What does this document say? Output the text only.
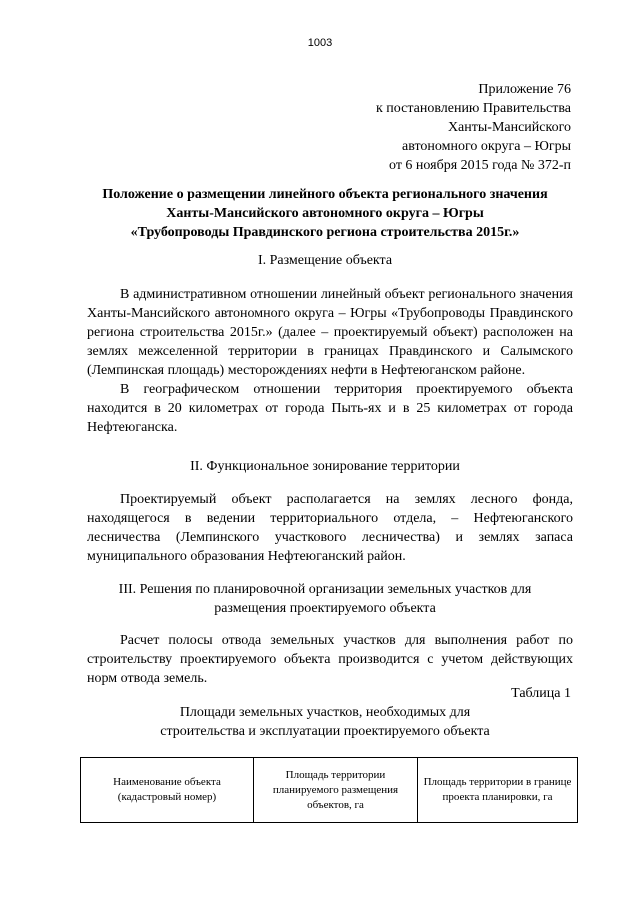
1003
Приложение 76
к постановлению Правительства
Ханты-Мансийского
автономного округа – Югры
от 6 ноября 2015 года № 372-п
Положение о размещении линейного объекта регионального значения
Ханты-Мансийского автономного округа – Югры
«Трубопроводы Правдинского региона строительства 2015г.»
I. Размещение объекта

В административном отношении линейный объект регионального значения Ханты-Мансийского автономного округа – Югры «Трубопроводы Правдинского региона строительства 2015г.» (далее – проектируемый объект) расположен на землях межселенной территории в границах Правдинского и Салымского (Лемпинская площадь) месторождениях нефти в Нефтеюганском районе.

В географическом отношении территория проектируемого объекта находится в 20 километрах от города Пыть-ях и в 25 километрах от города Нефтеюганска.

II. Функциональное зонирование территории

Проектируемый объект располагается на землях лесного фонда, находящегося в ведении территориального отдела, – Нефтеюганского лесничества (Лемпинского участкового лесничества) и землях запаса муниципального образования Нефтеюганский район.

III. Решения по планировочной организации земельных участков для
размещения проектируемого объекта

Расчет полосы отвода земельных участков для выполнения работ по строительству проектируемого объекта производится с учетом действующих норм отвода земель.

Таблица 1
Площади земельных участков, необходимых для
строительства и эксплуатации проектируемого объекта
Наименование объекта (кадастровый номер)	Площадь территории планируемого размещения объектов, га	Площадь территории в границе проекта планировки, га
